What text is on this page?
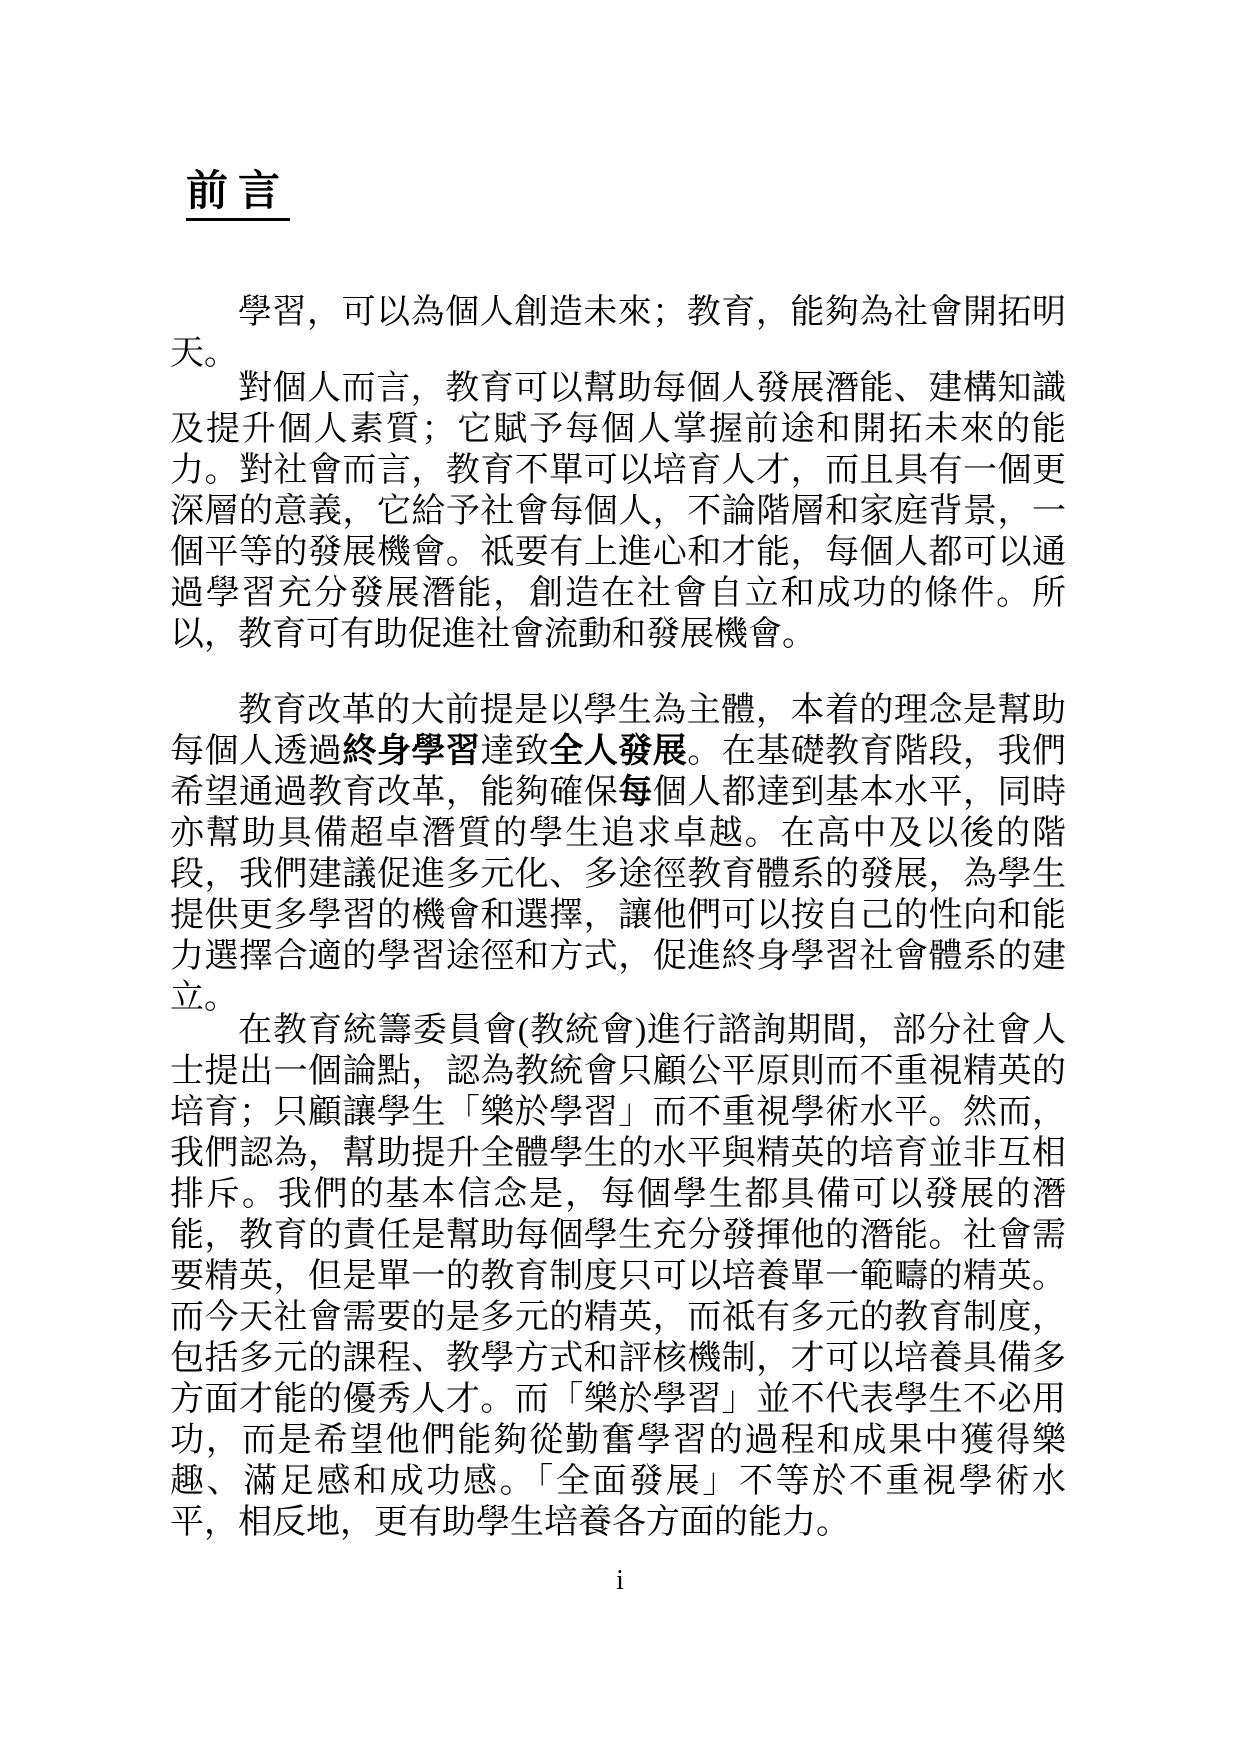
前言

學習，可以為個人創造未來；教育，能夠為社會開拓明天。

對個人而言，教育可以幫助每個人發展潛能、建構知識及提升個人素質；它賦予每個人掌握前途和開拓未來的能力。對社會而言，教育不單可以培育人才，而且具有一個更深層的意義，它給予社會每個人，不論階層和家庭背景，一個平等的發展機會。祗要有上進心和才能，每個人都可以通過學習充分發展潛能，創造在社會自立和成功的條件。所以，教育可有助促進社會流動和發展機會。

教育改革的大前提是以學生為主體，本着的理念是幫助每個人透過終身學習達致全人發展。在基礎教育階段，我們希望通過教育改革，能夠確保每個人都達到基本水平，同時亦幫助具備超卓潛質的學生追求卓越。在高中及以後的階段，我們建議促進多元化、多途徑教育體系的發展，為學生提供更多學習的機會和選擇，讓他們可以按自己的性向和能力選擇合適的學習途徑和方式，促進終身學習社會體系的建立。

在教育統籌委員會(教統會)進行諮詢期間，部分社會人士提出一個論點，認為教統會只顧公平原則而不重視精英的培育；只顧讓學生「樂於學習」而不重視學術水平。然而，我們認為，幫助提升全體學生的水平與精英的培育並非互相排斥。我們的基本信念是，每個學生都具備可以發展的潛能，教育的責任是幫助每個學生充分發揮他的潛能。社會需要精英，但是單一的教育制度只可以培養單一範疇的精英。而今天社會需要的是多元的精英，而祗有多元的教育制度，包括多元的課程、教學方式和評核機制，才可以培養具備多方面才能的優秀人才。而「樂於學習」並不代表學生不必用功，而是希望他們能夠從勤奮學習的過程和成果中獲得樂趣、滿足感和成功感。「全面發展」不等於不重視學術水平，相反地，更有助學生培養各方面的能力。

i
